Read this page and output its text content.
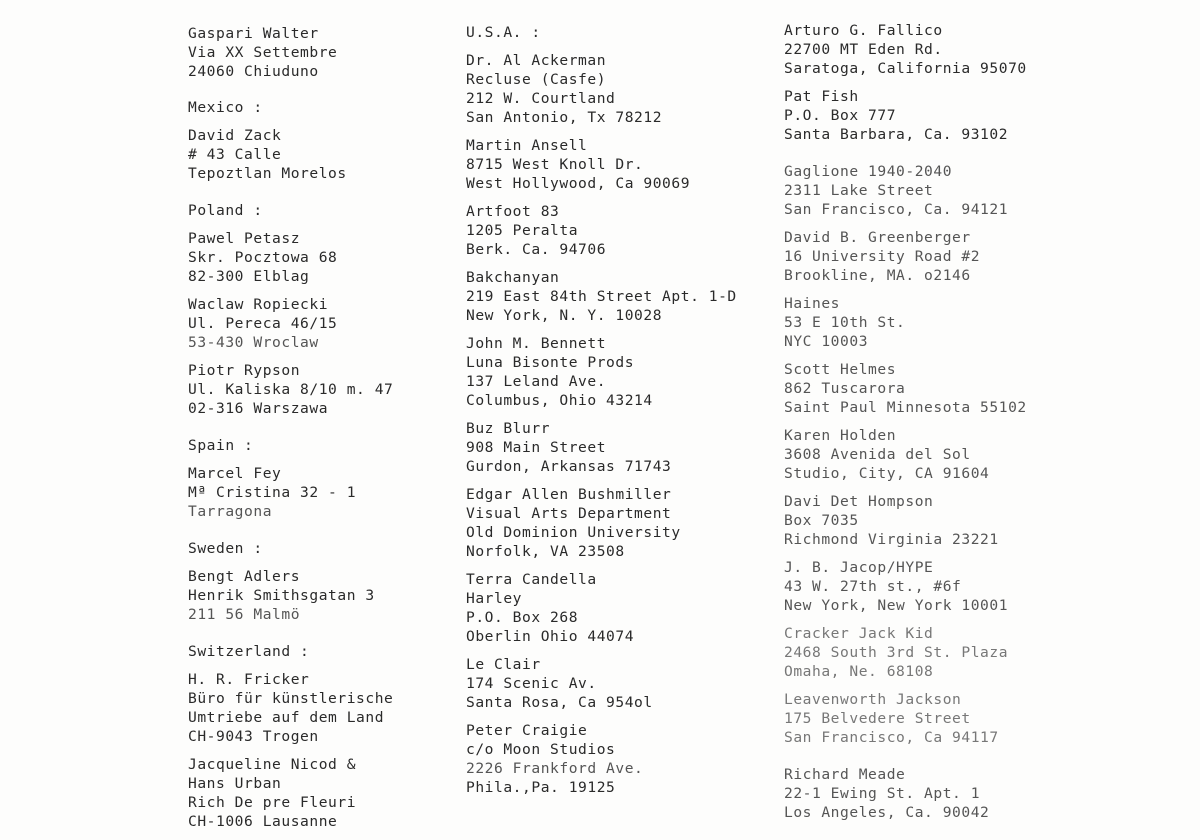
Gaspari Walter
Via XX Settembre
24060 Chiuduno
Mexico :
David Zack
# 43 Calle
Tepoztlan Morelos
Poland :
Pawel Petasz
Skr. Pocztowa 68
82-300 Elblag
Waclaw Ropiecki
Ul. Pereca 46/15
53-430 Wroclaw
Piotr Rypson
Ul. Kaliska 8/10 m. 47
02-316 Warszawa
Spain :
Marcel Fey
Mª Cristina 32 - 1
Tarragona
Sweden :
Bengt Adlers
Henrik Smithsgatan 3
211 56 Malmö
Switzerland :
H. R. Fricker
Büro für künstlerische
Umtriebe auf dem Land
CH-9043 Trogen
Jacqueline Nicod &
Hans Urban
Rich De pre Fleuri
CH-1006 Lausanne
U.S.A. :
Dr. Al Ackerman
Recluse (Casfe)
212 W. Courtland
San Antonio, Tx 78212
Martin Ansell
8715 West Knoll Dr.
West Hollywood, Ca 90069
Artfoot 83
1205 Peralta
Berk. Ca. 94706
Bakchanyan
219 East 84th Street Apt. 1-D
New York, N. Y. 10028
John M. Bennett
Luna Bisonte Prods
137 Leland Ave.
Columbus, Ohio 43214
Buz Blurr
908 Main Street
Gurdon, Arkansas 71743
Edgar Allen Bushmiller
Visual Arts Department
Old Dominion University
Norfolk, VA 23508
Terra Candella
Harley
P.O. Box 268
Oberlin Ohio 44074
Le Clair
174 Scenic Av.
Santa Rosa, Ca 954ol
Peter Craigie
c/o Moon Studios
2226 Frankford Ave.
Phila.,Pa. 19125
Arturo G. Fallico
22700 MT Eden Rd.
Saratoga, California 95070
Pat Fish
P.O. Box 777
Santa Barbara, Ca. 93102
Gaglione 1940-2040
2311 Lake Street
San Francisco, Ca. 94121
David B. Greenberger
16 University Road #2
Brookline, MA. o2146
Haines
53 E 10th St.
NYC 10003
Scott Helmes
862 Tuscarora
Saint Paul Minnesota 55102
Karen Holden
3608 Avenida del Sol
Studio, City, CA 91604
Davi Det Hompson
Box 7035
Richmond Virginia 23221
J. B. Jacop/HYPE
43 W. 27th st., #6f
New York, New York 10001
Cracker Jack Kid
2468 South 3rd St. Plaza
Omaha, Ne. 68108
Leavenworth Jackson
175 Belvedere Street
San Francisco, Ca 94117
Richard Meade
22-1 Ewing St. Apt. 1
Los Angeles, Ca. 90042
